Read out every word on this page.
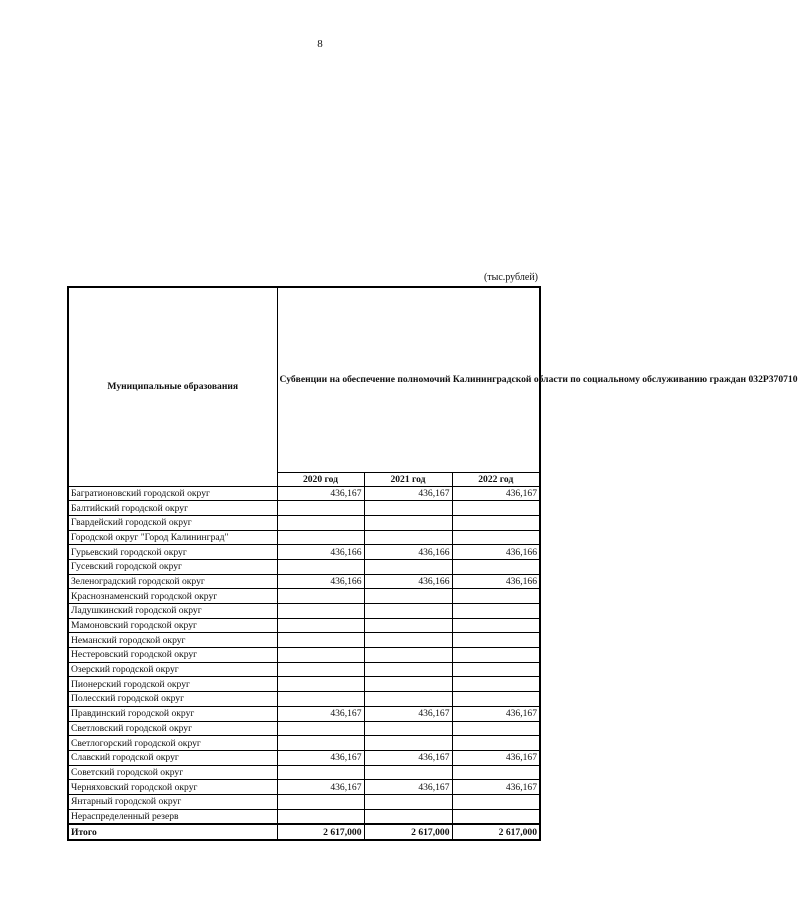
8
(тыс.рублей)
Муниципальные образования	Субвенции на обеспечение полномочий Калининградской области по социальному обслуживанию граждан 032P370710		
	2020 год	2021 год	2022 год
Багратионовский городской округ	436,167	436,167	436,167
Балтийский городской округ			
Гвардейский городской округ			
Городской округ "Город Калининград"			
Гурьевский городской округ	436,166	436,166	436,166
Гусевский городской округ			
Зеленоградский городской округ	436,166	436,166	436,166
Краснознаменский городской округ			
Ладушкинский городской округ			
Мамоновский городской округ			
Неманский городской округ			
Нестеровский городской округ			
Озерский городской округ			
Пионерский городской округ			
Полесский городской округ			
Правдинский городской округ	436,167	436,167	436,167
Светловский городской округ			
Светлогорский городской округ			
Славский городской округ	436,167	436,167	436,167
Советский городской округ			
Черняховский городской округ	436,167	436,167	436,167
Янтарный городской округ			
Нераспределенный резерв			
Итого	2 617,000	2 617,000	2 617,000
